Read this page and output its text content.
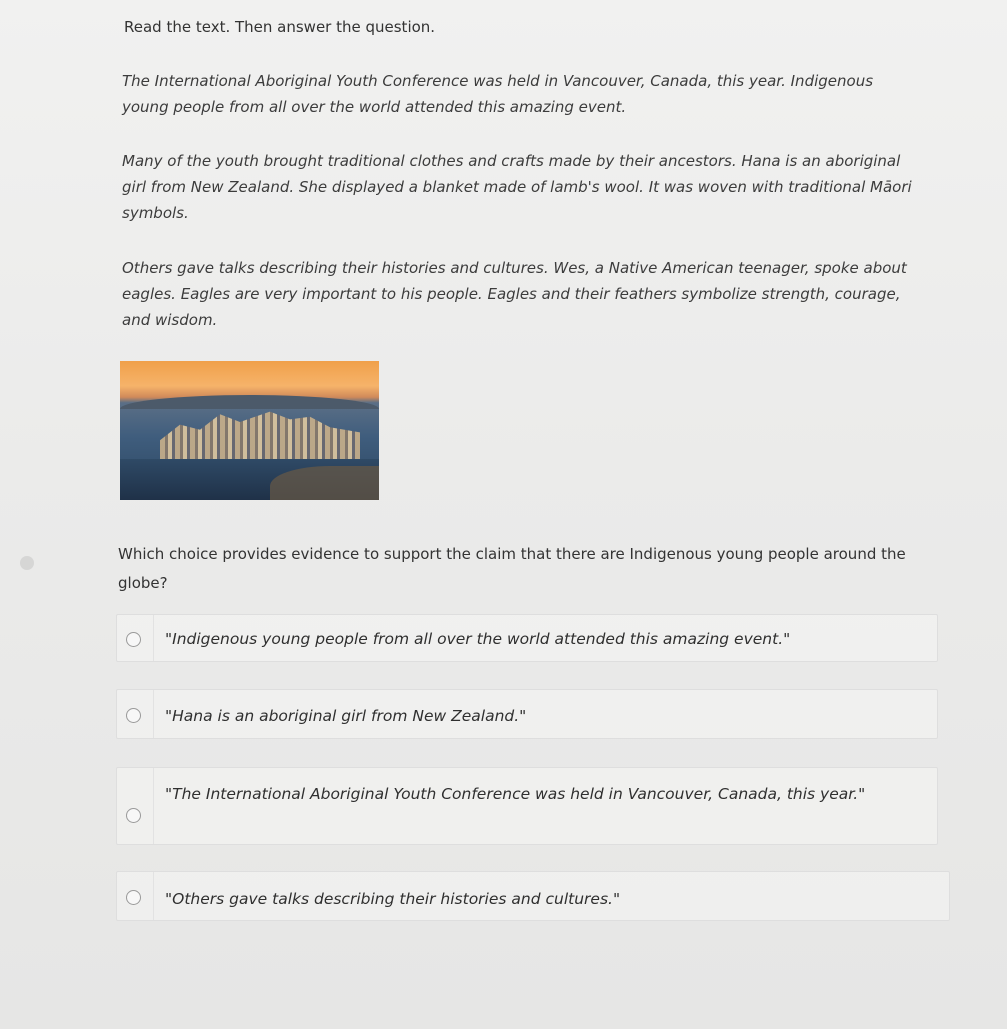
Read the text. Then answer the question.
The International Aboriginal Youth Conference was held in Vancouver, Canada, this year. Indigenous young people from all over the world attended this amazing event.
Many of the youth brought traditional clothes and crafts made by their ancestors. Hana is an aboriginal girl from New Zealand. She displayed a blanket made of lamb's wool. It was woven with traditional Māori symbols.
Others gave talks describing their histories and cultures. Wes, a Native American teenager, spoke about eagles. Eagles are very important to his people. Eagles and their feathers symbolize strength, courage, and wisdom.
Which choice provides evidence to support the claim that there are Indigenous young people around the globe?
"Indigenous young people from all over the world attended this amazing event."
"Hana is an aboriginal girl from New Zealand."
"The International Aboriginal Youth Conference was held in Vancouver, Canada, this year."
"Others gave talks describing their histories and cultures."
